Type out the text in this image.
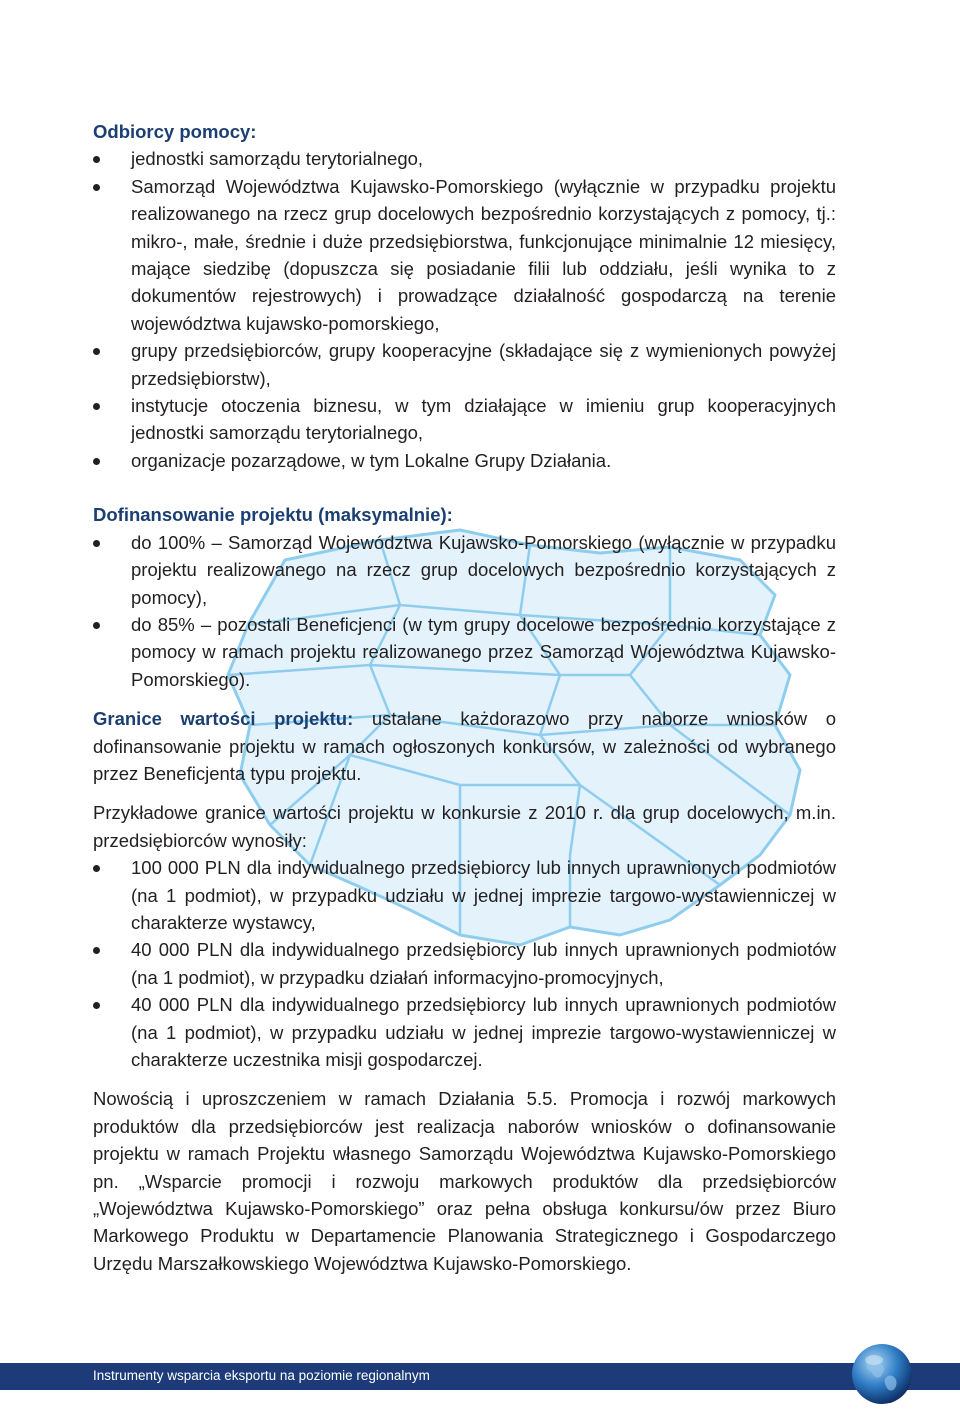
Odbiorcy pomocy:
jednostki samorządu terytorialnego,
Samorząd Województwa Kujawsko-Pomorskiego (wyłącznie w przypadku projektu realizowanego na rzecz grup docelowych bezpośrednio korzystających z pomocy, tj.: mikro-, małe, średnie i duże przedsiębiorstwa, funkcjonujące minimalnie 12 miesięcy, mające siedzibę (dopuszcza się posiadanie filii lub oddziału, jeśli wynika to z dokumentów rejestrowych) i prowadzące działalność gospodarczą na terenie województwa kujawsko-pomorskiego,
grupy przedsiębiorców, grupy kooperacyjne (składające się z wymienionych powyżej przedsiębiorstw),
instytucje otoczenia biznesu, w tym działające w imieniu grup kooperacyjnych jednostki samorządu terytorialnego,
organizacje pozarządowe, w tym Lokalne Grupy Działania.
Dofinansowanie projektu (maksymalnie):
do 100% – Samorząd Województwa Kujawsko-Pomorskiego (wyłącznie w przypadku projektu realizowanego na rzecz grup docelowych bezpośrednio korzystających z pomocy),
do 85% – pozostali Beneficjenci (w tym grupy docelowe bezpośrednio korzystające z pomocy w ramach projektu realizowanego przez Samorząd Województwa Kujawsko-Pomorskiego).

Granice wartości projektu: ustalane każdorazowo przy naborze wniosków o dofinansowanie projektu w ramach ogłoszonych konkursów, w zależności od wybranego przez Beneficjenta typu projektu.

Przykładowe granice wartości projektu w konkursie z 2010 r. dla grup docelowych, m.in. przedsiębiorców wynosiły:

100 000 PLN dla indywidualnego przedsiębiorcy lub innych uprawnionych podmiotów (na 1 podmiot), w przypadku udziału w jednej imprezie targowo-wystawienniczej w charakterze wystawcy,
40 000 PLN dla indywidualnego przedsiębiorcy lub innych uprawnionych podmiotów (na 1 podmiot), w przypadku działań informacyjno-promocyjnych,
40 000 PLN dla indywidualnego przedsiębiorcy lub innych uprawnionych podmiotów (na 1 podmiot), w przypadku udziału w jednej imprezie targowo-wystawienniczej w charakterze uczestnika misji gospodarczej.

Nowością i uproszczeniem w ramach Działania 5.5. Promocja i rozwój markowych produktów dla przedsiębiorców jest realizacja naborów wniosków o dofinansowanie projektu w ramach Projektu własnego Samorządu Województwa Kujawsko-Pomorskiego pn. „Wsparcie promocji i rozwoju markowych produktów dla przedsiębiorców „Województwa Kujawsko-Pomorskiego” oraz pełna obsługa konkursu/ów przez Biuro Markowego Produktu w Departamencie Planowania Strategicznego i Gospodarczego Urzędu Marszałkowskiego Województwa Kujawsko-Pomorskiego.

Instrumenty wsparcia eksportu na poziomie regionalnym	9
